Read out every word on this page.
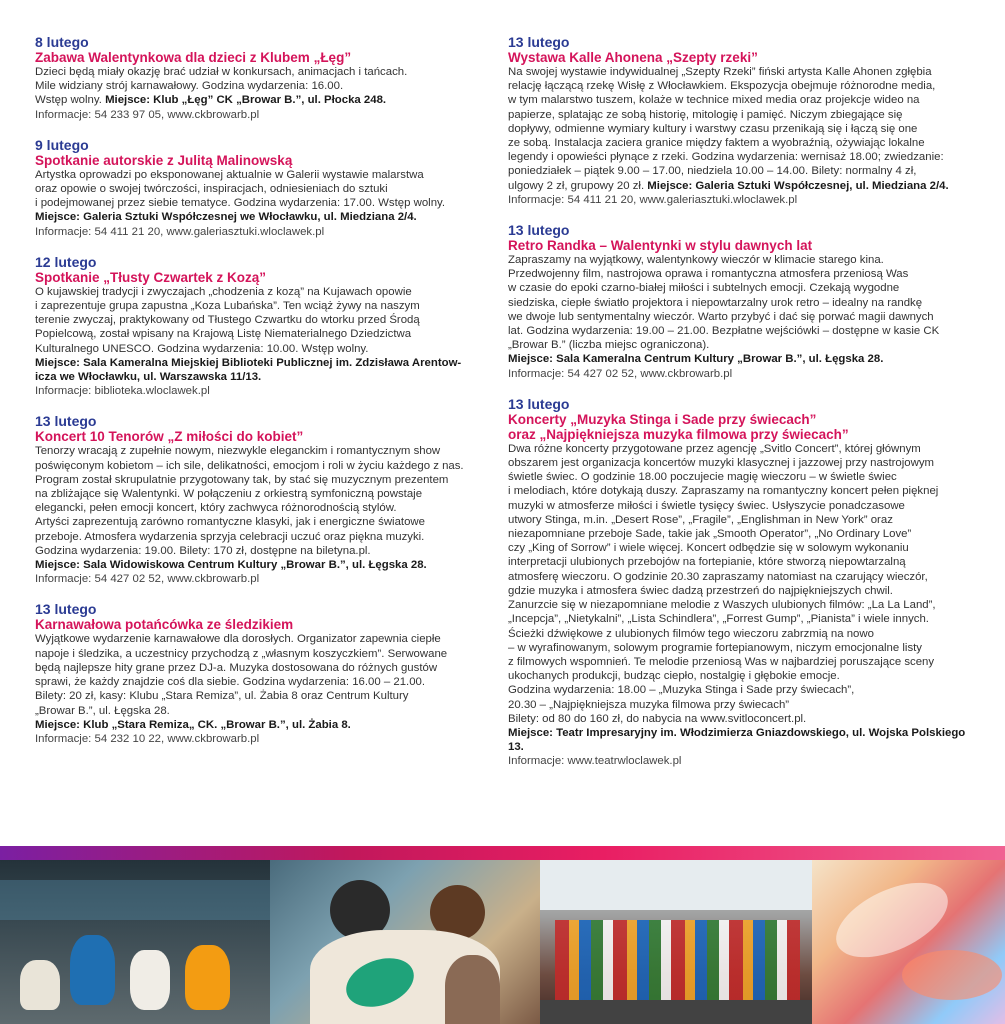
8 lutego
Zabawa Walentynkowa dla dzieci z Klubem „Łęg”

Dzieci będą miały okazję brać udział w konkursach, animacjach i tańcach.
Mile widziany strój karnawałowy. Godzina wydarzenia: 16.00.

Wstęp wolny. Miejsce: Klub „Łęg” CK „Browar B.”, ul. Płocka 248.

Informacje: 54 233 97 05, www.ckbrowarb.pl

9 lutego
Spotkanie autorskie z Julitą Malinowską

Artystka oprowadzi po eksponowanej aktualnie w Galerii wystawie malarstwa
oraz opowie o swojej twórczości, inspiracjach, odniesieniach do sztuki
i podejmowanej przez siebie tematyce. Godzina wydarzenia: 17.00. Wstęp wolny.

Miejsce: Galeria Sztuki Współczesnej we Włocławku, ul. Miedziana 2/4.

Informacje: 54 411 21 20, www.galeriasztuki.wloclawek.pl

12 lutego
Spotkanie „Tłusty Czwartek z Kozą”

O kujawskiej tradycji i zwyczajach „chodzenia z kozą” na Kujawach opowie
i zaprezentuje grupa zapustna „Koza Lubańska”. Ten wciąż żywy na naszym
terenie zwyczaj, praktykowany od Tłustego Czwartku do wtorku przed Środą
Popielcową, został wpisany na Krajową Listę Niematerialnego Dziedzictwa
Kulturalnego UNESCO. Godzina wydarzenia: 10.00. Wstęp wolny.

Miejsce: Sala Kameralna Miejskiej Biblioteki Publicznej im. Zdzisława Arentow-icza we Włocławku, ul. Warszawska 11/13.

Informacje: biblioteka.wloclawek.pl

13 lutego
Koncert 10 Tenorów „Z miłości do kobiet”

Tenorzy wracają z zupełnie nowym, niezwykle eleganckim i romantycznym show
poświęconym kobietom – ich sile, delikatności, emocjom i roli w życiu każdego z nas.
Program został skrupulatnie przygotowany tak, by stać się muzycznym prezentem
na zbliżające się Walentynki. W połączeniu z orkiestrą symfoniczną powstaje
elegancki, pełen emocji koncert, który zachwyca różnorodnością stylów.
Artyści zaprezentują zarówno romantyczne klasyki, jak i energiczne światowe
przeboje. Atmosfera wydarzenia sprzyja celebracji uczuć oraz piękna muzyki.
Godzina wydarzenia: 19.00. Bilety: 170 zł, dostępne na biletyna.pl.

Miejsce: Sala Widowiskowa Centrum Kultury „Browar B.”, ul. Łęgska 28.

Informacje: 54 427 02 52, www.ckbrowarb.pl

13 lutego
Karnawałowa potańcówka ze śledzikiem

Wyjątkowe wydarzenie karnawałowe dla dorosłych. Organizator zapewnia ciepłe
napoje i śledzika, a uczestnicy przychodzą z „własnym koszyczkiem”. Serwowane
będą najlepsze hity grane przez DJ-a. Muzyka dostosowana do różnych gustów
sprawi, że każdy znajdzie coś dla siebie. Godzina wydarzenia: 16.00 – 21.00.
Bilety: 20 zł, kasy: Klubu „Stara Remiza”, ul. Żabia 8 oraz Centrum Kultury
„Browar B.”, ul. Łęgska 28.

Miejsce: Klub „Stara Remiza„ CK. „Browar B.”, ul. Żabia 8.

Informacje: 54 232 10 22, www.ckbrowarb.pl

13 lutego
Wystawa Kalle Ahonena „Szepty rzeki”

Na swojej wystawie indywidualnej „Szepty Rzeki” fiński artysta Kalle Ahonen zgłębia
relację łączącą rzekę Wisłę z Włocławkiem. Ekspozycja obejmuje różnorodne media,
w tym malarstwo tuszem, kolaże w technice mixed media oraz projekcje wideo na
papierze, splatając ze sobą historię, mitologię i pamięć. Niczym zbiegające się
dopływy, odmienne wymiary kultury i warstwy czasu przenikają się i łączą się one
ze sobą. Instalacja zaciera granice między faktem a wyobraźnią, ożywiając lokalne
legendy i opowieści płynące z rzeki. Godzina wydarzenia: wernisaż 18.00; zwiedzanie:
poniedziałek – piątek 9.00 – 17.00, niedziela 10.00 – 14.00. Bilety: normalny 4 zł,
ulgowy 2 zł, grupowy 20 zł. Miejsce: Galeria Sztuki Współczesnej, ul. Miedziana 2/4.

Informacje: 54 411 21 20, www.galeriasztuki.wloclawek.pl

13 lutego
Retro Randka – Walentynki w stylu dawnych lat

Zapraszamy na wyjątkowy, walentynkowy wieczór w klimacie starego kina.
Przedwojenny film, nastrojowa oprawa i romantyczna atmosfera przeniosą Was
w czasie do epoki czarno-białej miłości i subtelnych emocji. Czekają wygodne
siedziska, ciepłe światło projektora i niepowtarzalny urok retro – idealny na randkę
we dwoje lub sentymentalny wieczór. Warto przybyć i dać się porwać magii dawnych
lat. Godzina wydarzenia: 19.00 – 21.00. Bezpłatne wejściówki – dostępne w kasie CK
„Browar B.” (liczba miejsc ograniczona).

Miejsce: Sala Kameralna Centrum Kultury „Browar B.”, ul. Łęgska 28.

Informacje: 54 427 02 52, www.ckbrowarb.pl

13 lutego
Koncerty „Muzyka Stinga i Sade przy świecach”
oraz „Najpiękniejsza muzyka filmowa przy świecach”

Dwa różne koncerty przygotowane przez agencję „Svitlo Concert”, której głównym
obszarem jest organizacja koncertów muzyki klasycznej i jazzowej przy nastrojowym
świetle świec. O godzinie 18.00 poczujecie magię wieczoru – w świetle świec
i melodiach, które dotykają duszy. Zapraszamy na romantyczny koncert pełen pięknej
muzyki w atmosferze miłości i świetle tysięcy świec. Usłyszycie ponadczasowe
utwory Stinga, m.in. „Desert Rose”, „Fragile”, „Englishman in New York” oraz
niezapomniane przeboje Sade, takie jak „Smooth Operator”, „No Ordinary Love”
czy „King of Sorrow” i wiele więcej. Koncert odbędzie się w solowym wykonaniu
interpretacji ulubionych przebojów na fortepianie, które stworzą niepowtarzalną
atmosferę wieczoru. O godzinie 20.30 zapraszamy natomiast na czarujący wieczór,
gdzie muzyka i atmosfera świec dadzą przestrzeń do najpiękniejszych chwil.
Zanurzcie się w niezapomniane melodie z Waszych ulubionych filmów: „La La Land”,
„Incepcja”, „Nietykalni”, „Lista Schindlera”, „Forrest Gump”, „Pianista” i wiele innych.
Ścieżki dźwiękowe z ulubionych filmów tego wieczoru zabrzmią na nowo
– w wyrafinowanym, solowym programie fortepianowym, niczym emocjonalne listy
z filmowych wspomnień. Te melodie przeniosą Was w najbardziej poruszające sceny
ukochanych produkcji, budząc ciepło, nostalgię i głębokie emocje.
Godzina wydarzenia: 18.00 – „Muzyka Stinga i Sade przy świecach”,
20.30 – „Najpiękniejsza muzyka filmowa przy świecach”
Bilety: od 80 do 160 zł, do nabycia na www.svitloconcert.pl.

Miejsce: Teatr Impresaryjny im. Włodzimierza Gniazdowskiego, ul. Wojska Polskiego 13.

Informacje: www.teatrwloclawek.pl
